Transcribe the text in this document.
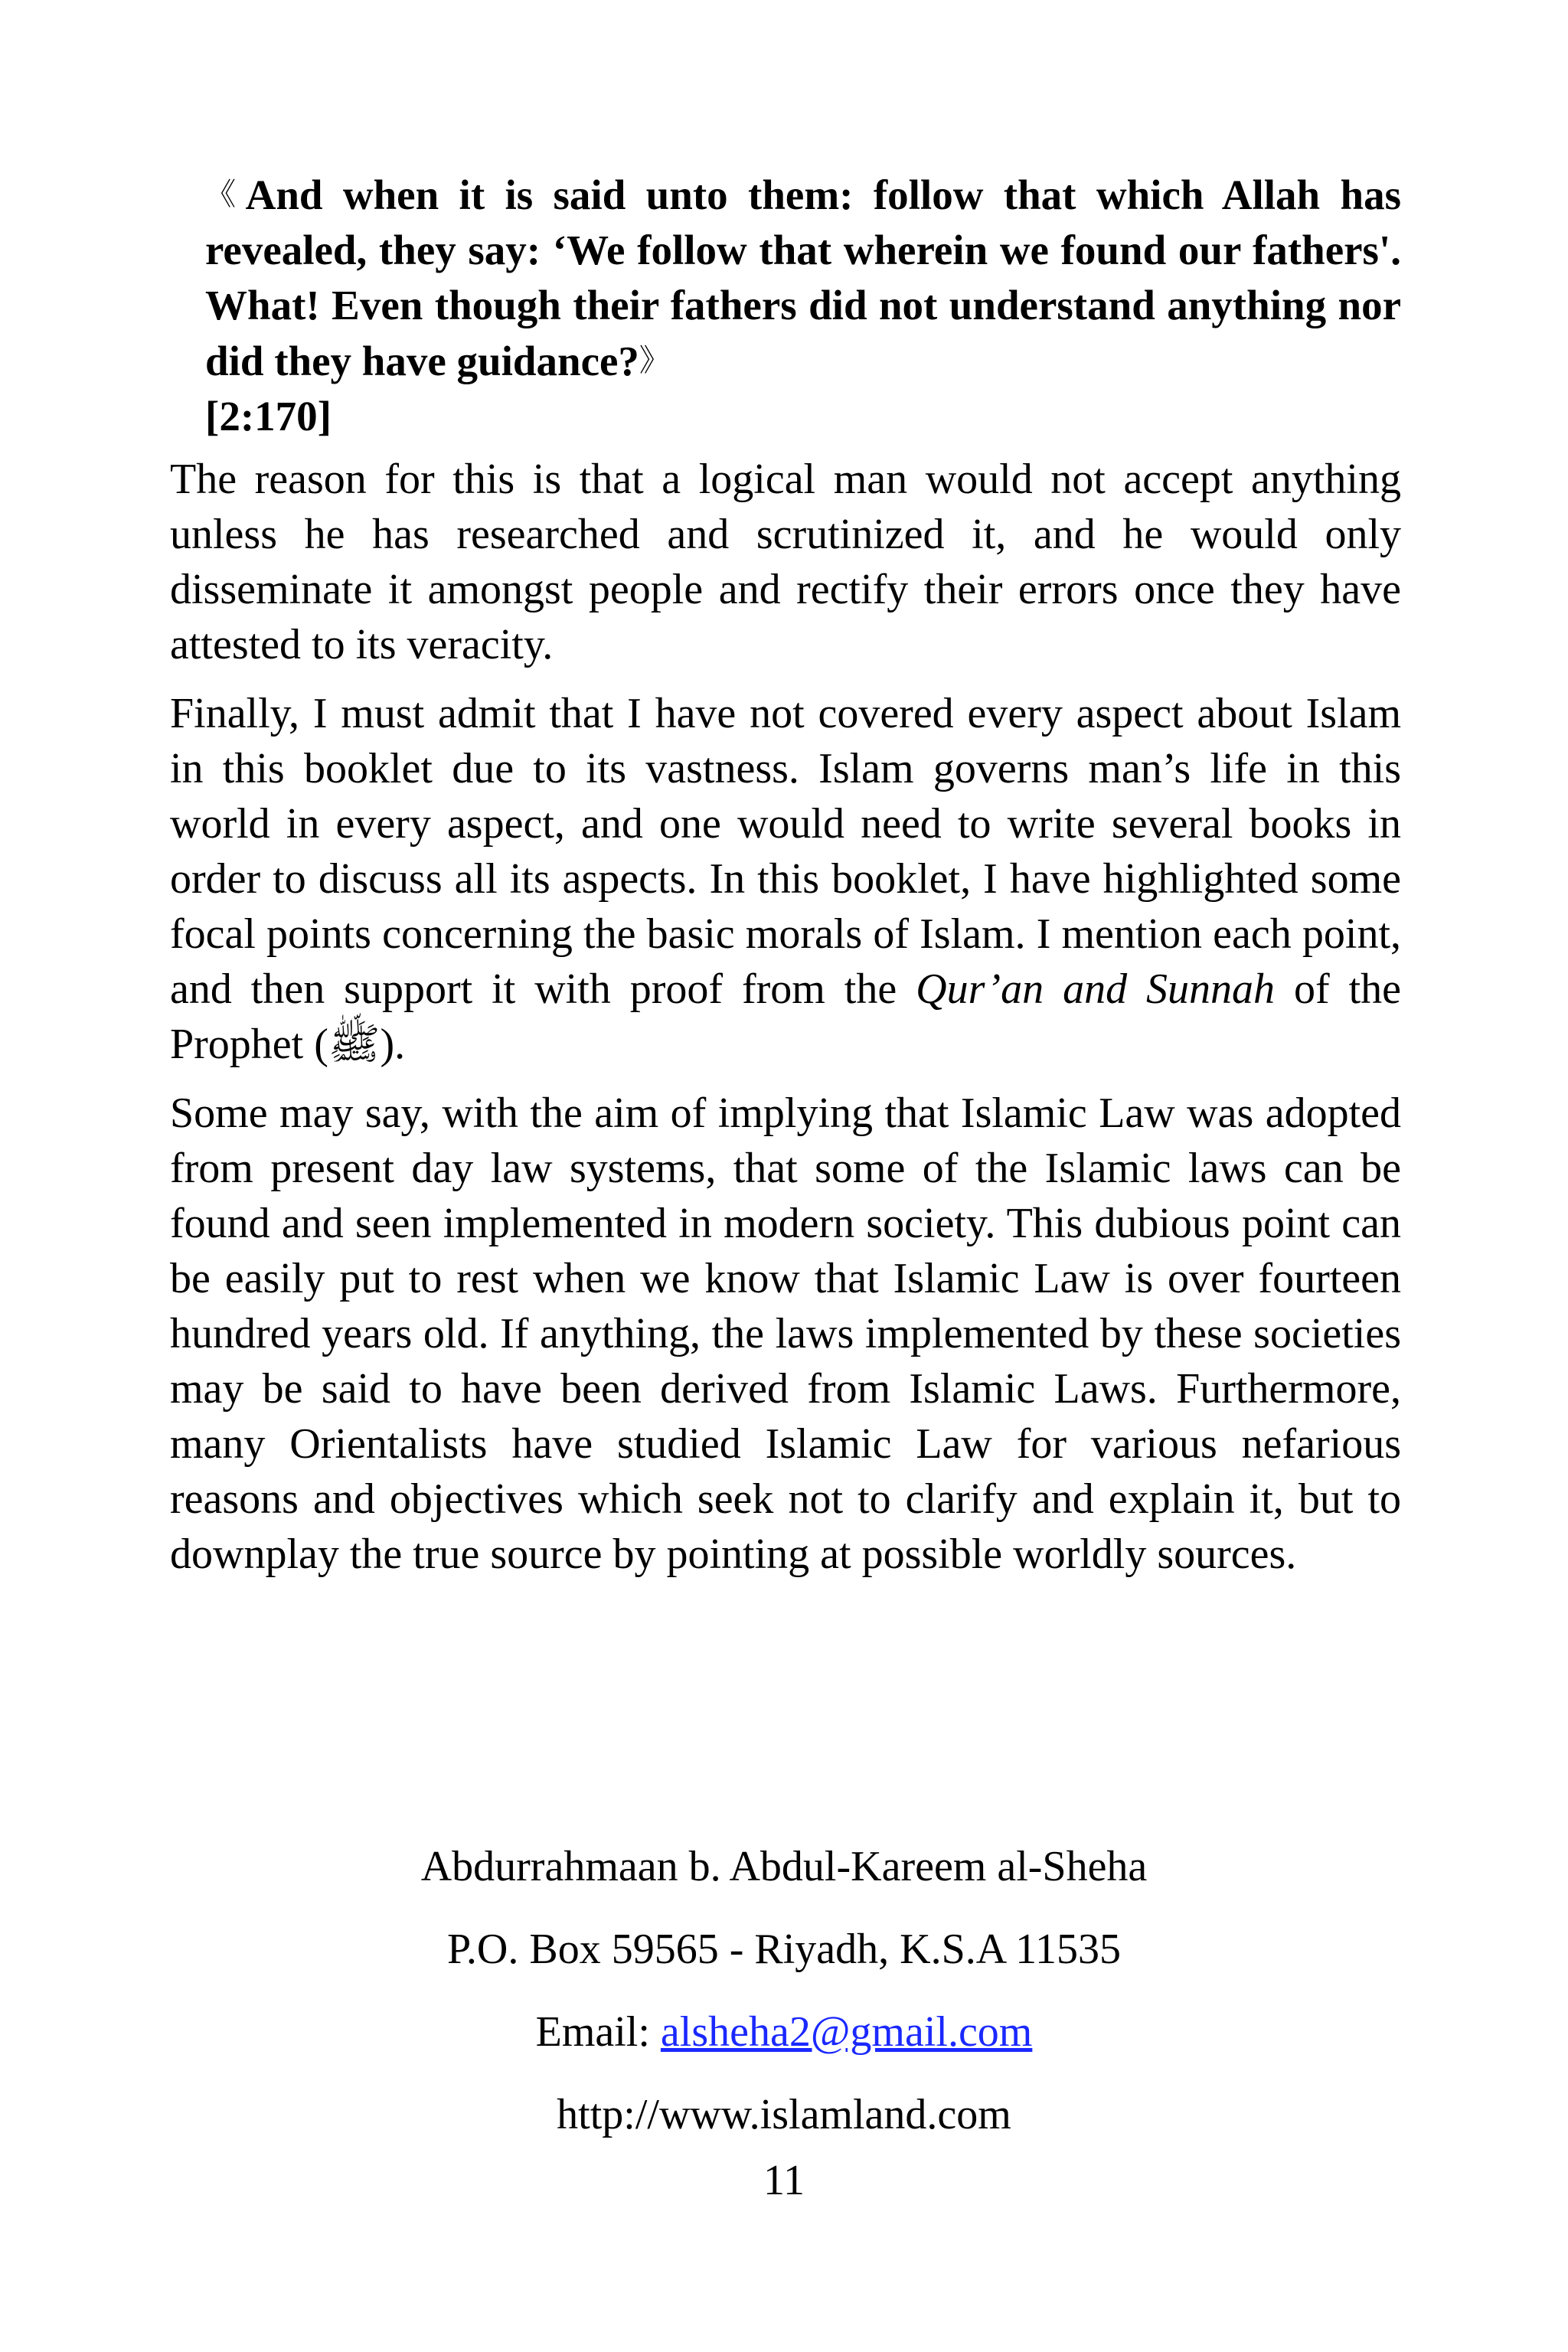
《And when it is said unto them: follow that which Allah has revealed, they say: ‘We follow that wherein we found our fathers'. What! Even though their fathers did not understand anything nor did they have guidance?》
[2:170]

The reason for this is that a logical man would not accept anything unless he has researched and scrutinized it, and he would only disseminate it amongst people and rectify their errors once they have attested to its veracity.

Finally, I must admit that I have not covered every aspect about Islam in this booklet due to its vastness. Islam governs man’s life in this world in every aspect, and one would need to write several books in order to discuss all its aspects. In this booklet, I have highlighted some focal points concerning the basic morals of Islam. I mention each point, and then support it with proof from the Qur’an and Sunnah of the Prophet (ﷺ).

Some may say, with the aim of implying that Islamic Law was adopted from present day law systems, that some of the Islamic laws can be found and seen implemented in modern society. This dubious point can be easily put to rest when we know that Islamic Law is over fourteen hundred years old. If anything, the laws implemented by these societies may be said to have been derived from Islamic Laws. Furthermore, many Orientalists have studied Islamic Law for various nefarious reasons and objectives which seek not to clarify and explain it, but to downplay the true source by pointing at possible worldly sources.

Abdurrahmaan b. Abdul-Kareem al-Sheha
P.O. Box 59565 - Riyadh, K.S.A 11535
Email: alsheha2@gmail.com
http://www.islamland.com
11
